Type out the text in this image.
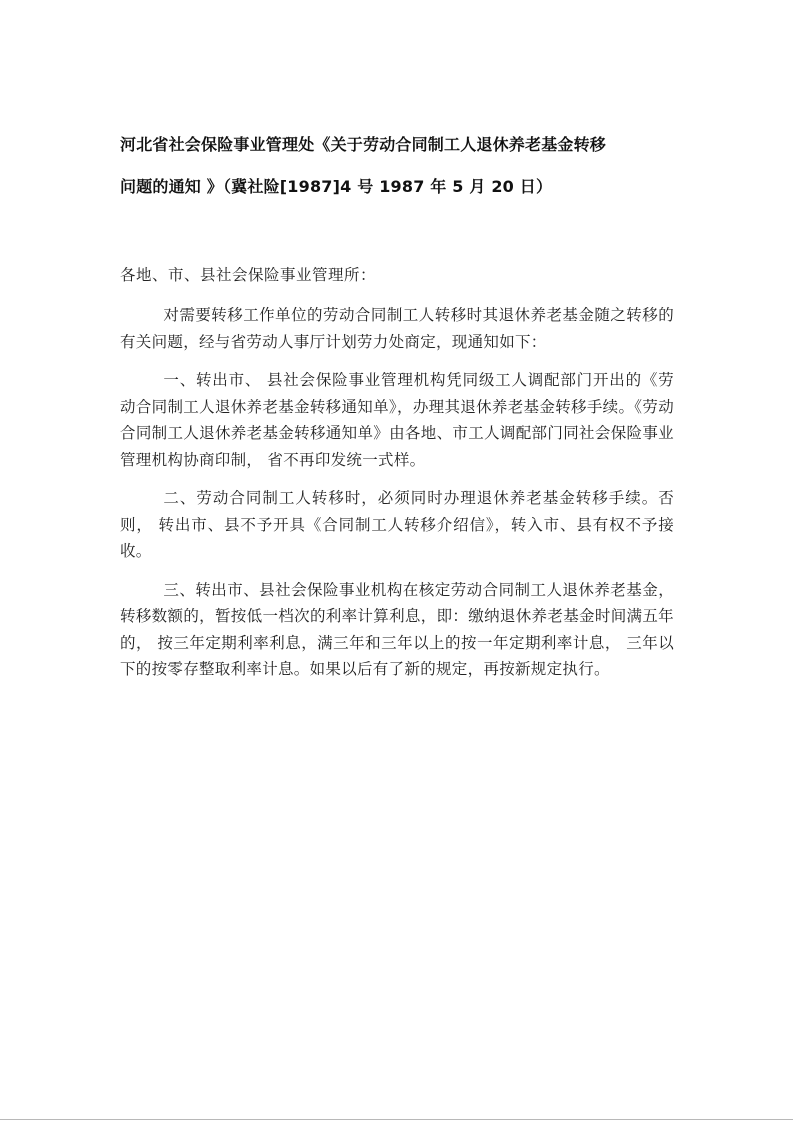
河北省社会保险事业管理处《关于劳动合同制工人退休养老基金转移
问题的通知 》（冀社险[1987]4 号 1987 年 5 月 20 日）

各地、市、县社会保险事业管理所：

对需要转移工作单位的劳动合同制工人转移时其退休养老基金随之转移的有关问题，经与省劳动人事厅计划劳力处商定，现通知如下：

一、转出市、 县社会保险事业管理机构凭同级工人调配部门开出的《劳动合同制工人退休养老基金转移通知单》，办理其退休养老基金转移手续。《劳动合同制工人退休养老基金转移通知单》由各地、市工人调配部门同社会保险事业管理机构协商印制， 省不再印发统一式样。

二、劳动合同制工人转移时，必须同时办理退休养老基金转移手续。否则， 转出市、县不予开具《合同制工人转移介绍信》，转入市、县有权不予接收。

三、转出市、县社会保险事业机构在核定劳动合同制工人退休养老基金， 转移数额的，暂按低一档次的利率计算利息，即：缴纳退休养老基金时间满五年的， 按三年定期利率利息，满三年和三年以上的按一年定期利率计息， 三年以下的按零存整取利率计息。如果以后有了新的规定，再按新规定执行。
